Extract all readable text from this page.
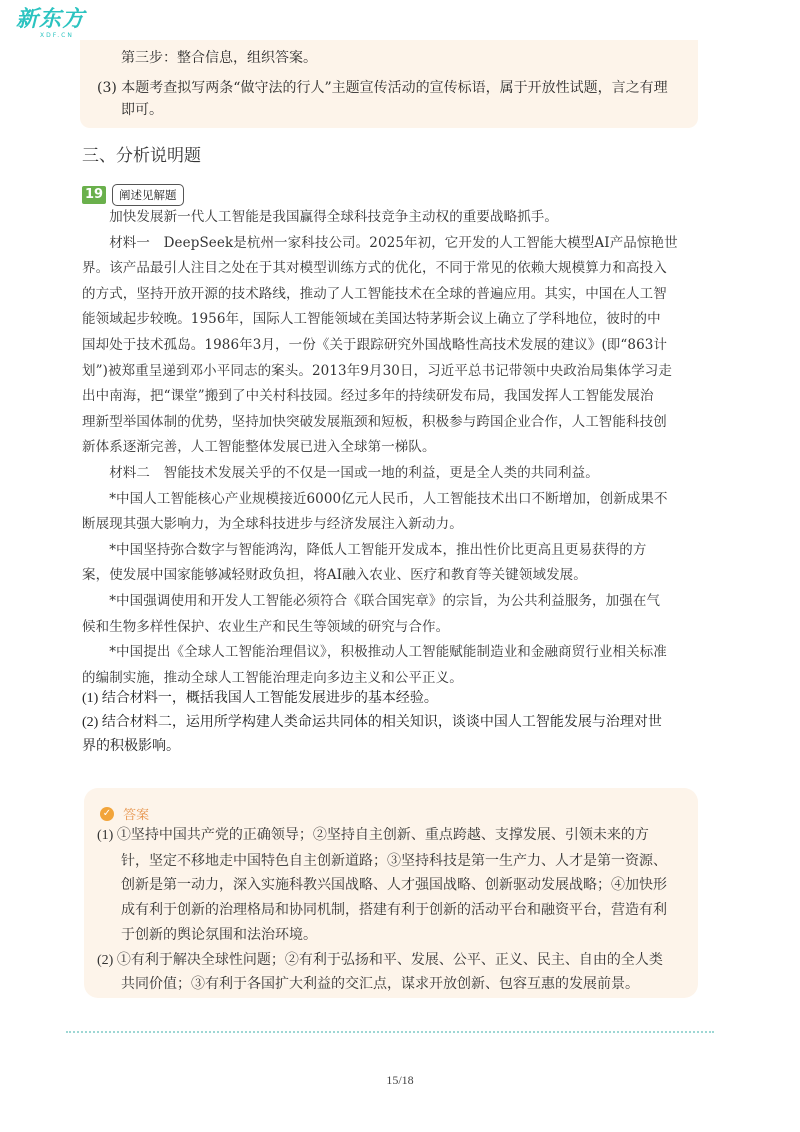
新东方
XDF.CN
第三步：整合信息，组织答案。
(3) 本题考查拟写两条“做守法的行人”主题宣传活动的宣传标语，属于开放性试题，言之有理
即可。
三、分析说明题
19	阐述见解题
　　加快发展新一代人工智能是我国赢得全球科技竞争主动权的重要战略抓手。
　　材料一　DeepSeek是杭州一家科技公司。2025年初，它开发的人工智能大模型AI产品惊艳世
界。该产品最引人注目之处在于其对模型训练方式的优化，不同于常见的依赖大规模算力和高投入
的方式，坚持开放开源的技术路线，推动了人工智能技术在全球的普遍应用。其实，中国在人工智
能领域起步较晚。1956年，国际人工智能领域在美国达特茅斯会议上确立了学科地位，彼时的中
国却处于技术孤岛。1986年3月，一份《关于跟踪研究外国战略性高技术发展的建议》(即“863计
划”)被郑重呈递到邓小平同志的案头。2013年9月30日，习近平总书记带领中央政治局集体学习走
出中南海，把“课堂”搬到了中关村科技园。经过多年的持续研发布局，我国发挥人工智能发展治
理新型举国体制的优势，坚持加快突破发展瓶颈和短板，积极参与跨国企业合作，人工智能科技创
新体系逐渐完善，人工智能整体发展已进入全球第一梯队。
　　材料二　智能技术发展关乎的不仅是一国或一地的利益，更是全人类的共同利益。
　　*中国人工智能核心产业规模接近6000亿元人民币，人工智能技术出口不断增加，创新成果不
断展现其强大影响力，为全球科技进步与经济发展注入新动力。
　　*中国坚持弥合数字与智能鸿沟，降低人工智能开发成本，推出性价比更高且更易获得的方
案，使发展中国家能够减轻财政负担，将AI融入农业、医疗和教育等关键领域发展。
　　*中国强调使用和开发人工智能必须符合《联合国宪章》的宗旨，为公共利益服务，加强在气
候和生物多样性保护、农业生产和民生等领域的研究与合作。
　　*中国提出《全球人工智能治理倡议》，积极推动人工智能赋能制造业和金融商贸行业相关标准
的编制实施，推动全球人工智能治理走向多边主义和公平正义。
(1) 结合材料一，概括我国人工智能发展进步的基本经验。
(2) 结合材料二，运用所学构建人类命运共同体的相关知识，谈谈中国人工智能发展与治理对世
界的积极影响。
✓ 答案
(1) ①坚持中国共产党的正确领导；②坚持自主创新、重点跨越、支撑发展、引领未来的方
针，坚定不移地走中国特色自主创新道路；③坚持科技是第一生产力、人才是第一资源、
创新是第一动力，深入实施科教兴国战略、人才强国战略、创新驱动发展战略；④加快形
成有利于创新的治理格局和协同机制，搭建有利于创新的活动平台和融资平台，营造有利
于创新的舆论氛围和法治环境。
(2) ①有利于解决全球性问题；②有利于弘扬和平、发展、公平、正义、民主、自由的全人类
共同价值；③有利于各国扩大利益的交汇点，谋求开放创新、包容互惠的发展前景。
15/18
